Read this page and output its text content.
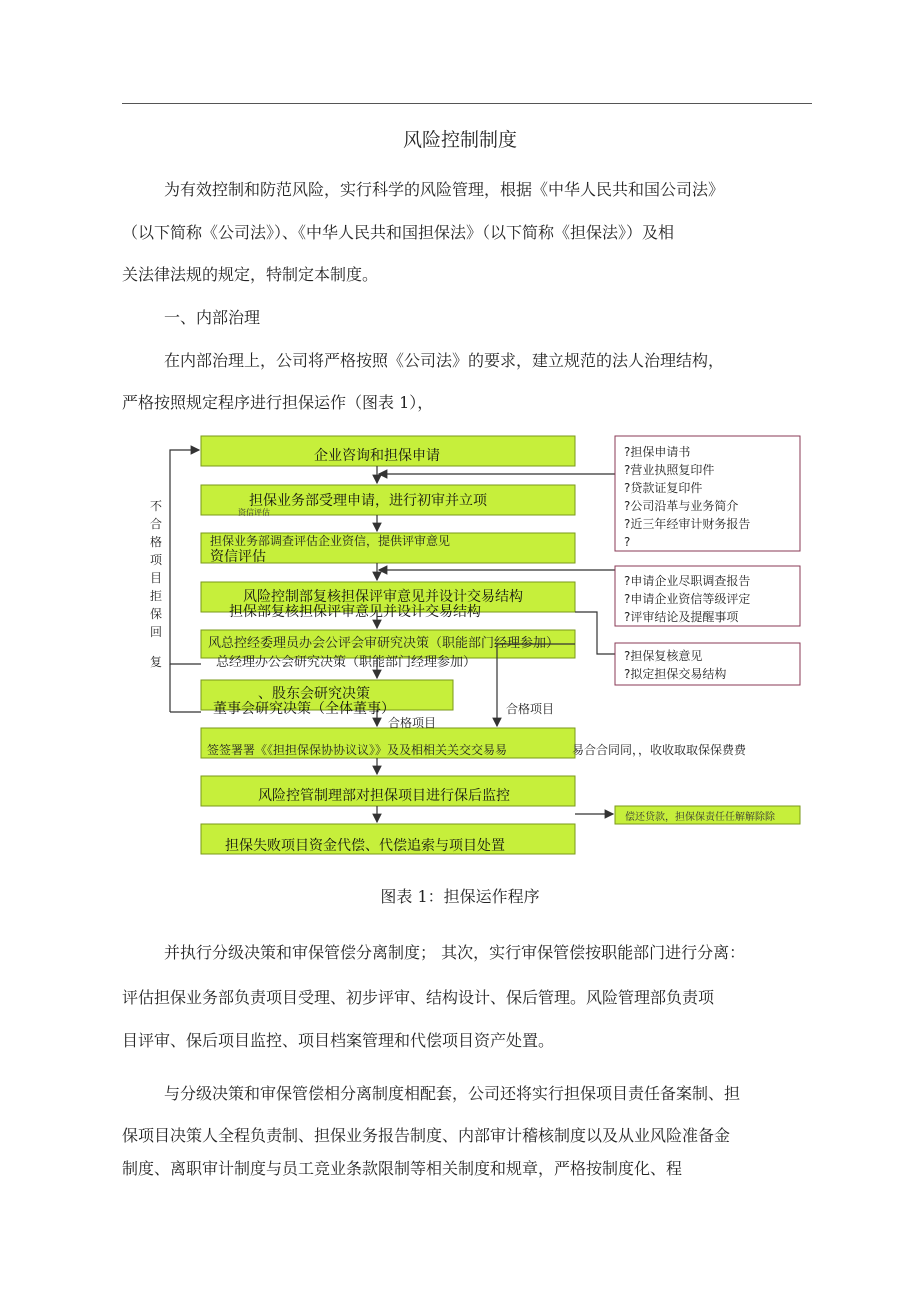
风险控制制度
为有效控制和防范风险，实行科学的风险管理，根据《中华人民共和国公司法》
（以下简称《公司法》）、《中华人民共和国担保法》（以下简称《担保法》）及相
关法律法规的规定，特制定本制度。
一、内部治理
在内部治理上，公司将严格按照《公司法》的要求，建立规范的法人治理结构，
严格按照规定程序进行担保运作（图表 1），
企业咨询和担保申请
担保业务部受理申请，进行初审并立项
资信评估
担保业务部调查评估企业资信，提供评审意见
资信评估
风险控制部复核担保评审意见并设计交易结构
担保部复核担保评审意见并设计交易结构
风总控经委理员办会公评会审研究决策（职能部门经理参加）
总经理办公会研究决策（职能部门经理参加）
、股东会研究决策
董事会研究决策（全体董事）
签签署署《《担担保保协协议议》》及及相相关关交交易易	易合合同同，，收收取取保保费费
风险控管制理部对担保项目进行保后监控
担保失败项目资金代偿、代偿追索与项目处置
不
合
格
项
目
拒
保
回
复
合格项目
合格项目
?担保申请书
?营业执照复印件
?贷款证复印件
?公司沿革与业务简介
?近三年经审计财务报告
?
?申请企业尽职调查报告
?申请企业资信等级评定
?评审结论及提醒事项
?担保复核意见
?拟定担保交易结构
偿还贷款，担保保责任任解解除除
图表 1：担保运作程序
并执行分级决策和审保管偿分离制度； 其次，实行审保管偿按职能部门进行分离：
评估担保业务部负责项目受理、初步评审、结构设计、保后管理。风险管理部负责项
目评审、保后项目监控、项目档案管理和代偿项目资产处置。
与分级决策和审保管偿相分离制度相配套，公司还将实行担保项目责任备案制、担
保项目决策人全程负责制、担保业务报告制度、内部审计稽核制度以及从业风险准备金
制度、离职审计制度与员工竞业条款限制等相关制度和规章，严格按制度化、程
